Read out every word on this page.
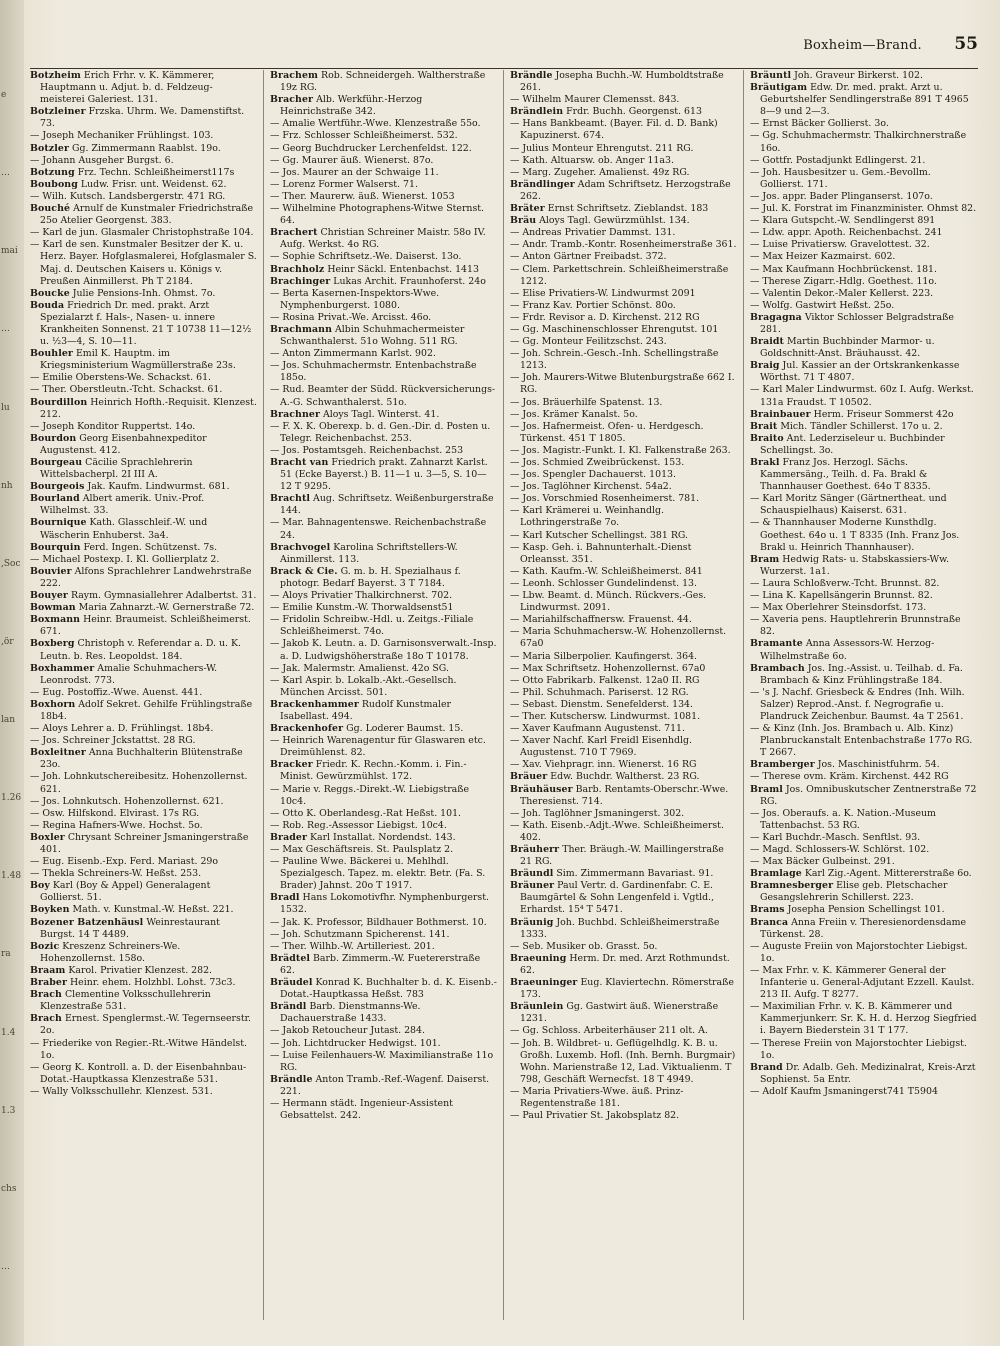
e
…
mai
…
lu
nh
‚Soc
‚ör
lan
1.26
1.48
ra
1.4
1.3
chs
…
Boxheim—Brand. 55
Botzheim Erich Frhr. v. K. Kämmerer, Hauptmann u. Adjut. b. d. Feldzeug-meisterei Galeriest. 131.
Botzleiner Frzska. Uhrm. We. Damenstiftst. 73.
— Joseph Mechaniker Frühlingst. 103.
Botzler Gg. Zimmermann Raablst. 19o.
— Johann Ausgeher Burgst. 6.
Botzung Frz. Techn. Schleißheimerst117s
Boubong Ludw. Frisr. unt. Weidenst. 62.
— Wilh. Kutsch. Landsbergerstr. 471 RG.
Bouché Arnulf de Kunstmaler Friedrichstraße 25o Atelier Georgenst. 383.
— Karl de jun. Glasmaler Christophstraße 104.
— Karl de sen. Kunstmaler Besitzer der K. u. Herz. Bayer. Hofglasmalerei, Hofglasmaler S. Maj. d. Deutschen Kaisers u. Königs v. Preußen Ainmillerst. Ph T 2184.
Boucke Julie Pensions-Inh. Ohmst. 7o.
Bouda Friedrich Dr. med. prakt. Arzt Spezialarzt f. Hals-, Nasen- u. innere Krankheiten Sonnenst. 21 T 10738 11—12½ u. ½3—4, S. 10—11.
Bouhler Emil K. Hauptm. im Kriegsministerium Wagmüllerstraße 23s.
— Emilie Oberstens-We. Schackst. 61.
— Ther. Oberstleutn.-Tcht. Schackst. 61.
Bourdillon Heinrich Hofth.-Requisit. Klenzest. 212.
— Joseph Konditor Ruppertst. 14o.
Bourdon Georg Eisenbahnexpeditor Augustenst. 412.
Bourgeau Cäcilie Sprachlehrerin Wittelsbacherpl. 2I III A.
Bourgeois Jak. Kaufm. Lindwurmst. 681.
Bourland Albert amerik. Univ.-Prof. Wilhelmst. 33.
Bournique Kath. Glasschleif.-W. und Wäscherin Enhuberst. 3a4.
Bourquin Ferd. Ingen. Schützenst. 7s.
— Michael Postexp. I. Kl. Gollierplatz 2.
Bouvier Alfons Sprachlehrer Landwehrstraße 222.
Bouyer Raym. Gymnasiallehrer Adalbertst. 31.
Bowman Maria Zahnarzt.-W. Gernerstraße 72.
Boxmann Heinr. Braumeist. Schleißheimerst. 671.
Boxberg Christoph v. Referendar a. D. u. K. Leutn. b. Res. Leopoldst. 184.
Boxhammer Amalie Schuhmachers-W. Leonrodst. 773.
— Eug. Postoffiz.-Wwe. Auenst. 441.
Boxhorn Adolf Sekret. Gehilfe Frühlingstraße 18b4.
— Aloys Lehrer a. D. Frühlingst. 18b4.
— Jos. Schreiner Jckstattst. 28 RG.
Boxleitner Anna Buchhalterin Blütenstraße 23o.
— Joh. Lohnkutschereibesitz. Hohenzollernst. 621.
— Jos. Lohnkutsch. Hohenzollernst. 621.
— Osw. Hilfskond. Elvirast. 17s RG.
— Regina Hafners-Wwe. Hochst. 5o.
Boxler Chrysant Schreiner Jsmaningerstraße 401.
— Eug. Eisenb.-Exp. Ferd. Mariast. 29o
— Thekla Schreiners-W. Heßst. 253.
Boy Karl (Boy & Appel) Generalagent Gollierst. 51.
Boyken Math. v. Kunstmal.-W. Heßst. 221.
Bozener Batzenhäusl Weinrestaurant Burgst. 14 T 4489.
Bozic Kreszenz Schreiners-We. Hohenzollernst. 158o.
Braam Karol. Privatier Klenzest. 282.
Braber Heinr. ehem. Holzhbl. Lohst. 73c3.
Brach Clementine Volksschullehrerin Klenzestraße 531.
Brach Ernest. Spenglermst.-W. Tegernseerstr. 2o.
— Friederike von Regier.-Rt.-Witwe Händelst. 1o.
— Georg K. Kontroll. a. D. der Eisenbahnbau-Dotat.-Hauptkassa Klenzestraße 531.
— Wally Volksschullehr. Klenzest. 531.
Brachem Rob. Schneidergeh. Waltherstraße 19z RG.
Bracher Alb. Werkführ.-Herzog Heinrichstraße 342.
— Amalie Wertführ.-Wwe. Klenzestraße 55o.
— Frz. Schlosser Schleißheimerst. 532.
— Georg Buchdrucker Lerchenfeldst. 122.
— Gg. Maurer äuß. Wienerst. 87o.
— Jos. Maurer an der Schwaige 11.
— Lorenz Former Walserst. 71.
— Ther. Maurerw. äuß. Wienerst. 1053
— Wilhelmine Photographens-Witwe Sternst. 64.
Brachert Christian Schreiner Maistr. 58o IV. Aufg. Werkst. 4o RG.
— Sophie Schriftsetz.-We. Daiserst. 13o.
Brachholz Heinr Säckl. Entenbachst. 1413
Brachinger Lukas Archit. Fraunhoferst. 24o
— Berta Kasernen-Inspektors-Wwe. Nymphenburgerst. 1080.
— Rosina Privat.-We. Arcisst. 46o.
Brachmann Albin Schuhmachermeister Schwanthalerst. 51o Wohng. 511 RG.
— Anton Zimmermann Karlst. 902.
— Jos. Schuhmachermstr. Entenbachstraße 185o.
— Rud. Beamter der Südd. Rückversicherungs-A.-G. Schwanthalerst. 51o.
Brachner Aloys Tagl. Winterst. 41.
— F. X. K. Oberexp. b. d. Gen.-Dir. d. Posten u. Telegr. Reichenbachst. 253.
— Jos. Postamtsgeh. Reichenbachst. 253
Bracht van Friedrich prakt. Zahnarzt Karlst. 51 (Ecke Bayerst.) B. 11—1 u. 3—5, S. 10—12 T 9295.
Brachtl Aug. Schriftsetz. Weißenburgerstraße 144.
— Mar. Bahnagentenswe. Reichenbachstraße 24.
Brachvogel Karolina Schriftstellers-W. Ainmillerst. 113.
Brack & Cie. G. m. b. H. Spezialhaus f. photogr. Bedarf Bayerst. 3 T 7184.
— Aloys Privatier Thalkirchnerst. 702.
— Emilie Kunstm.-W. Thorwaldsenst51
— Fridolin Schreibw.-Hdl. u. Zeitgs.-Filiale Schleißheimerst. 74o.
— Jakob K. Leutn. a. D. Garnisonsverwalt.-Insp. a. D. Ludwigshöherstraße 18o T 10178.
— Jak. Malermstr. Amalienst. 42o SG.
— Karl Aspir. b. Lokalb.-Akt.-Gesellsch. München Arcisst. 501.
Brackenhammer Rudolf Kunstmaler Isabellast. 494.
Brackenhofer Gg. Loderer Baumst. 15.
— Heinrich Warenagentur für Glaswaren etc. Dreimühlenst. 82.
Bracker Friedr. K. Rechn.-Komm. i. Fin.-Minist. Gewürzmühlst. 172.
— Marie v. Reggs.-Direkt.-W. Liebigstraße 10c4.
— Otto K. Oberlandesg.-Rat Heßst. 101.
— Rob. Reg.-Assessor Liebigst. 10c4.
Brader Karl Installat. Nordendst. 143.
— Max Geschäftsreis. St. Paulsplatz 2.
— Pauline Wwe. Bäckerei u. Mehlhdl. Spezialgesch. Tapez. m. elektr. Betr. (Fa. S. Brader) Jahnst. 20o T 1917.
Bradl Hans Lokomotivfhr. Nymphenburgerst. 1532.
— Jak. K. Professor, Bildhauer Bothmerst. 10.
— Joh. Schutzmann Spicherenst. 141.
— Ther. Wilhb.-W. Artilleriest. 201.
Brädtel Barb. Zimmerm.-W. Fuetererstraße 62.
Bräudel Konrad K. Buchhalter b. d. K. Eisenb.-Dotat.-Hauptkassa Heßst. 783
Brändl Barb. Dienstmanns-We. Dachauerstraße 1433.
— Jakob Retoucheur Jutast. 284.
— Joh. Lichtdrucker Hedwigst. 101.
— Luise Feilenhauers-W. Maximilianstraße 11o RG.
Brändle Anton Tramb.-Ref.-Wagenf. Daiserst. 221.
— Hermann städt. Ingenieur-Assistent Gebsattelst. 242.
Brändle Josepha Buchh.-W. Humboldtstraße 261.
— Wilhelm Maurer Clemensst. 843.
Brändlein Frdr. Buchh. Georgenst. 613
— Hans Bankbeamt. (Bayer. Fil. d. D. Bank) Kapuzinerst. 674.
— Julius Monteur Ehrengutst. 211 RG.
— Kath. Altuarsw. ob. Anger 11a3.
— Marg. Zugeher. Amalienst. 49z RG.
Brändlinger Adam Schriftsetz. Herzogstraße 262.
Bräter Ernst Schriftsetz. Zieblandst. 183
Bräu Aloys Tagl. Gewürzmühlst. 134.
— Andreas Privatier Dammst. 131.
— Andr. Tramb.-Kontr. Rosenheimerstraße 361.
— Anton Gärtner Freibadst. 372.
— Clem. Parkettschrein. Schleißheimerstraße 1212.
— Elise Privatiers-W. Lindwurmst 2091
— Franz Kav. Portier Schönst. 80o.
— Frdr. Revisor a. D. Kirchenst. 212 RG
— Gg. Maschinenschlosser Ehrengutst. 101
— Gg. Monteur Feilitzschst. 243.
— Joh. Schrein.-Gesch.-Inh. Schellingstraße 1213.
— Joh. Maurers-Witwe Blutenburgstraße 662 I. RG.
— Jos. Bräuerhilfe Spatenst. 13.
— Jos. Krämer Kanalst. 5o.
— Jos. Hafnermeist. Ofen- u. Herdgesch. Türkenst. 451 T 1805.
— Jos. Magistr.-Funkt. I. Kl. Falkenstraße 263.
— Jos. Schmied Zweibrückenst. 153.
— Jos. Spengler Dachauerst. 1013.
— Jos. Taglöhner Kirchenst. 54a2.
— Jos. Vorschmied Rosenheimerst. 781.
— Karl Krämerei u. Weinhandlg. Lothringerstraße 7o.
— Karl Kutscher Schellingst. 381 RG.
— Kasp. Geh. i. Bahnunterhalt.-Dienst Orleansst. 351.
— Kath. Kaufm.-W. Schleißheimerst. 841
— Leonh. Schlosser Gundelindenst. 13.
— Lbw. Beamt. d. Münch. Rückvers.-Ges. Lindwurmst. 2091.
— Mariahilfschaffnersw. Frauenst. 44.
— Maria Schuhmachersw.-W. Hohenzollernst. 67a0
— Maria Silberpolier. Kaufingerst. 364.
— Max Schriftsetz. Hohenzollernst. 67a0
— Otto Fabrikarb. Falkenst. 12a0 II. RG
— Phil. Schuhmach. Pariserst. 12 RG.
— Sebast. Dienstm. Senefelderst. 134.
— Ther. Kutschersw. Lindwurmst. 1081.
— Xaver Kaufmann Augustenst. 711.
— Xaver Nachf. Karl Freidl Eisenhdlg. Augustenst. 710 T 7969.
— Xav. Viehpragr. inn. Wienerst. 16 RG
Bräuer Edw. Buchdr. Waltherst. 23 RG.
Bräuhäuser Barb. Rentamts-Oberschr.-Wwe. Theresienst. 714.
— Joh. Taglöhner Jsmaningerst. 302.
— Kath. Eisenb.-Adjt.-Wwe. Schleißheimerst. 402.
Bräuherr Ther. Bräugh.-W. Maillingerstraße 21 RG.
Bräundl Sim. Zimmermann Bavariast. 91.
Bräuner Paul Vertr. d. Gardinenfabr. C. E. Baumgärtel & Sohn Lengenfeld i. Vgtld., Erhardst. 15⁴ T 5471.
Bräunig Joh. Buchbd. Schleißheimerstraße 1333.
— Seb. Musiker ob. Grasst. 5o.
Braeuning Herm. Dr. med. Arzt Rothmundst. 62.
Braeuninger Eug. Klaviertechn. Römerstraße 173.
Bräunlein Gg. Gastwirt äuß. Wienerstraße 1231.
— Gg. Schloss. Arbeiterhäuser 211 olt. A.
— Joh. B. Wildbret- u. Geflügelhdlg. K. B. u. Großh. Luxemb. Hofl. (Inh. Bernh. Burgmair) Wohn. Marienstraße 12, Lad. Viktualienm. T 798, Geschäft Wernecfst. 18 T 4949.
— Maria Privatiers-Wwe. äuß. Prinz-Regentenstraße 181.
— Paul Privatier St. Jakobsplatz 82.
Bräuntl Joh. Graveur Birkerst. 102.
Bräutigam Edw. Dr. med. prakt. Arzt u. Geburtshelfer Sendlingerstraße 891 T 4965 8—9 und 2—3.
— Ernst Bäcker Gollierst. 3o.
— Gg. Schuhmachermstr. Thalkirchnerstraße 16o.
— Gottfr. Postadjunkt Edlingerst. 21.
— Joh. Hausbesitzer u. Gem.-Bevollm. Gollierst. 171.
— Jos. appr. Bader Plinganserst. 107o.
— Jul. K. Forstrat im Finanzminister. Ohmst 82.
— Klara Gutspcht.-W. Sendlingerst 891
— Ldw. appr. Apoth. Reichenbachst. 241
— Luise Privatiersw. Gravelottest. 32.
— Max Heizer Kazmairst. 602.
— Max Kaufmann Hochbrückenst. 181.
— Therese Zigarr.-Hdlg. Goethest. 11o.
— Valentin Dekor.-Maler Kellerst. 223.
— Wolfg. Gastwirt Heßst. 25o.
Bragagna Viktor Schlosser Belgradstraße 281.
Braidt Martin Buchbinder Marmor- u. Goldschnitt-Anst. Bräuhausst. 42.
Braig Jul. Kassier an der Ortskrankenkasse Wörthst. 71 T 4807.
— Karl Maler Lindwurmst. 60z I. Aufg. Werkst. 131a Fraudst. T 10502.
Brainbauer Herm. Friseur Sommerst 42o
Brait Mich. Tändler Schillerst. 17o u. 2.
Braito Ant. Lederziseleur u. Buchbinder Schellingst. 3o.
Brakl Franz Jos. Herzogl. Sächs. Kammersäng., Teilh. d. Fa. Brakl & Thannhauser Goethest. 64o T 8335.
— Karl Moritz Sänger (Gärtnertheat. und Schauspielhaus) Kaiserst. 631.
— & Thannhauser Moderne Kunsthdlg. Goethest. 64o u. 1 T 8335 (Inh. Franz Jos. Brakl u. Heinrich Thannhauser).
Bram Hedwig Rats- u. Stabskassiers-Ww. Wurzerst. 1a1.
— Laura Schloßverw.-Tcht. Brunnst. 82.
— Lina K. Kapellsängerin Brunnst. 82.
— Max Oberlehrer Steinsdorfst. 173.
— Xaveria pens. Hauptlehrerin Brunnstraße 82.
Bramante Anna Assessors-W. Herzog-Wilhelmstraße 6o.
Brambach Jos. Ing.-Assist. u. Teilhab. d. Fa. Brambach & Kinz Frühlingstraße 184.
— 's J. Nachf. Griesbeck & Endres (Inh. Wilh. Salzer) Reprod.-Anst. f. Negrografie u. Plandruck Zeichenbur. Baumst. 4a T 2561.
— & Kinz (Inh. Jos. Brambach u. Alb. Kinz) Planbruckanstalt Entenbachstraße 177o RG. T 2667.
Bramberger Jos. Maschinistfuhrm. 54.
— Therese ovm. Kräm. Kirchenst. 442 RG
Braml Jos. Omnibuskutscher Zentnerstraße 72 RG.
— Jos. Oberaufs. a. K. Nation.-Museum Tattenbachst. 53 RG.
— Karl Buchdr.-Masch. Senftlst. 93.
— Magd. Schlossers-W. Schlörst. 102.
— Max Bäcker Gulbeinst. 291.
Bramlage Karl Zig.-Agent. Mittererstraße 6o.
Bramnesberger Elise geb. Pletschacher Gesangslehrerin Schillerst. 223.
Brams Josepha Pension Schellingst 101.
Branca Anna Freiin v. Theresienordensdame Türkenst. 28.
— Auguste Freiin von Majorstochter Liebigst. 1o.
— Max Frhr. v. K. Kämmerer General der Infanterie u. General-Adjutant Ezzell. Kaulst. 213 II. Aufg. T 8277.
— Maximilian Frhr. v. K. B. Kämmerer und Kammerjunkerr. Sr. K. H. d. Herzog Siegfried i. Bayern Biederstein 31 T 177.
— Therese Freiin von Majorstochter Liebigst. 1o.
Brand Dr. Adalb. Geh. Medizinalrat, Kreis-Arzt Sophienst. 5a Entr.
— Adolf Kaufm Jsmaningerst741 T5904
